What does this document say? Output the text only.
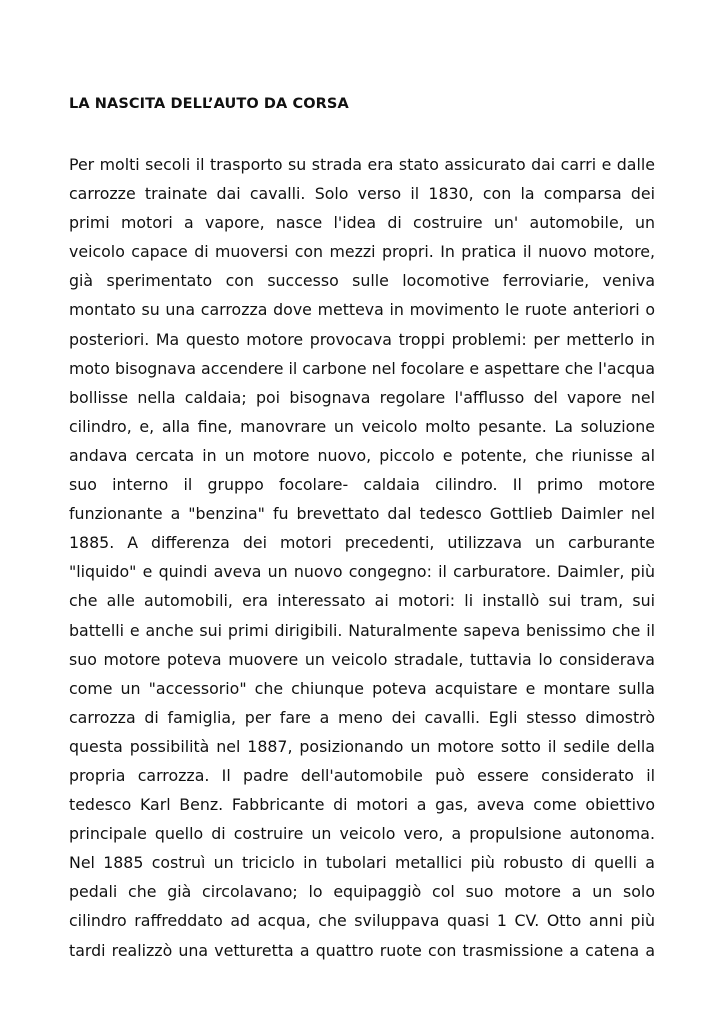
LA NASCITA DELL’AUTO DA CORSA
Per molti secoli il trasporto su strada era stato assicurato dai carri e dalle
carrozze trainate dai cavalli. Solo verso il 1830, con la comparsa dei
primi motori a vapore, nasce l'idea di costruire un' automobile, un
veicolo capace di muoversi con mezzi propri. In pratica il nuovo motore,
già sperimentato con successo sulle locomotive ferroviarie, veniva
montato su una carrozza dove metteva in movimento le ruote anteriori o
posteriori. Ma questo motore provocava troppi problemi: per metterlo in
moto bisognava accendere il carbone nel focolare e aspettare che l'acqua
bollisse nella caldaia; poi bisognava regolare l'afflusso del vapore nel
cilindro, e, alla fine, manovrare un veicolo molto pesante. La soluzione
andava cercata in un motore nuovo, piccolo e potente, che riunisse al
suo interno il gruppo focolare- caldaia cilindro. Il primo motore
funzionante a "benzina" fu brevettato dal tedesco Gottlieb Daimler nel
1885. A differenza dei motori precedenti, utilizzava un carburante
"liquido" e quindi aveva un nuovo congegno: il carburatore. Daimler, più
che alle automobili, era interessato ai motori: li installò sui tram, sui
battelli e anche sui primi dirigibili. Naturalmente sapeva benissimo che il
suo motore poteva muovere un veicolo stradale, tuttavia lo considerava
come un "accessorio" che chiunque poteva acquistare e montare sulla
carrozza di famiglia, per fare a meno dei cavalli. Egli stesso dimostrò
questa possibilità nel 1887, posizionando un motore sotto il sedile della
propria carrozza. Il padre dell'automobile può essere considerato il
tedesco Karl Benz. Fabbricante di motori a gas, aveva come obiettivo
principale quello di costruire un veicolo vero, a propulsione autonoma.
Nel 1885 costruì un triciclo in tubolari metallici più robusto di quelli a
pedali che già circolavano; lo equipaggiò col suo motore a un solo
cilindro raffreddato ad acqua, che sviluppava quasi 1 CV. Otto anni più
tardi realizzò una vetturetta a quattro ruote con trasmissione a catena a
